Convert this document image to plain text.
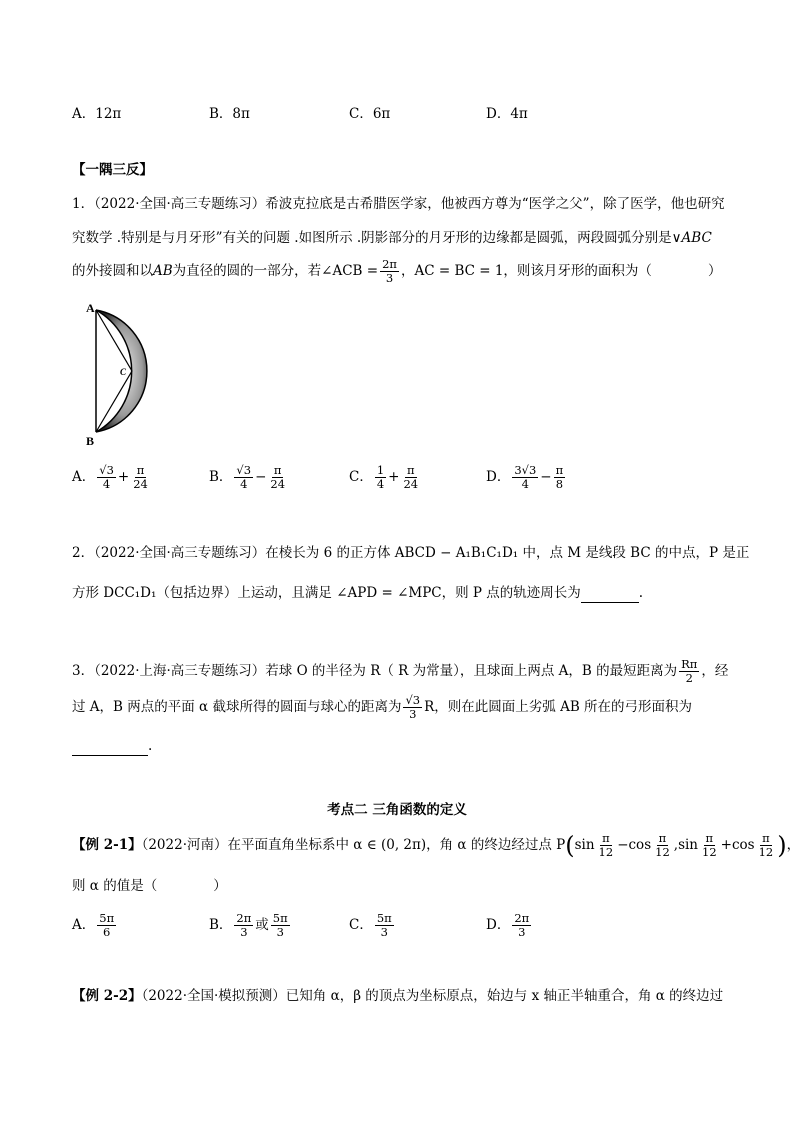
A．12π	B．8π	C．6π	D．4π
【一隅三反】
1．（2022·全国·高三专题练习）希波克拉底是古希腊医学家，他被西方尊为“医学之父”，除了医学，他也研究
究数学 .特别是与月牙形”有关的问题 .如图所示 .阴影部分的月牙形的边缘都是圆弧，两段圆弧分别是∨ABC
的外接圆和以AB为直径的圆的一部分，若∠ACB = $\frac{2\pi}{3}$ ，AC = BC = 1，则该月牙形的面积为（	）
A
B
C
A． $\frac{√3}{4} + \frac{\pi}{24}$	B． $\frac{√3}{4} - \frac{\pi}{24}$	C． $\frac{1}{4} + \frac{\pi}{24}$	D． $\frac{3√3}{4} - \frac{\pi}{8}$
2．（2022·全国·高三专题练习）在棱长为 6 的正方体 ABCD − A₁B₁C₁D₁ 中，点 M 是线段 BC 的中点，P 是正
方形 DCC₁D₁（包括边界）上运动，且满足 ∠APD = ∠MPC，则 P 点的轨迹周长为	.
3．（2022·上海·高三专题练习）若球 O 的半径为 R（ R 为常量），且球面上两点 A，B 的最短距离为 $\frac{R\pi}{2}$ ，经
过 A，B 两点的平面 α 截球所得的圆面与球心的距离为 $\frac{√3}{3}$ R，则在此圆面上劣弧 AB 所在的弓形面积为
.
考点二 三角函数的定义
【例 2-1】（2022·河南）在平面直角坐标系中 α ∈ (0, 2π)，角 α 的终边经过点 $P(\sin \frac{\pi}{12} -\cos \frac{\pi}{12} ,\sin \frac{\pi}{12} +\cos \frac{\pi}{12}$ )，
则 α 的值是（	）
A． $\frac{5\pi}{6}$	B． $\frac{2\pi}{3}$ 或 $\frac{5\pi}{3}$	C． $\frac{5\pi}{3}$	D． $\frac{2\pi}{3}$
【例 2-2】（2022·全国·模拟预测）已知角 α，β 的顶点为坐标原点，始边与 x 轴正半轴重合，角 α 的终边过
